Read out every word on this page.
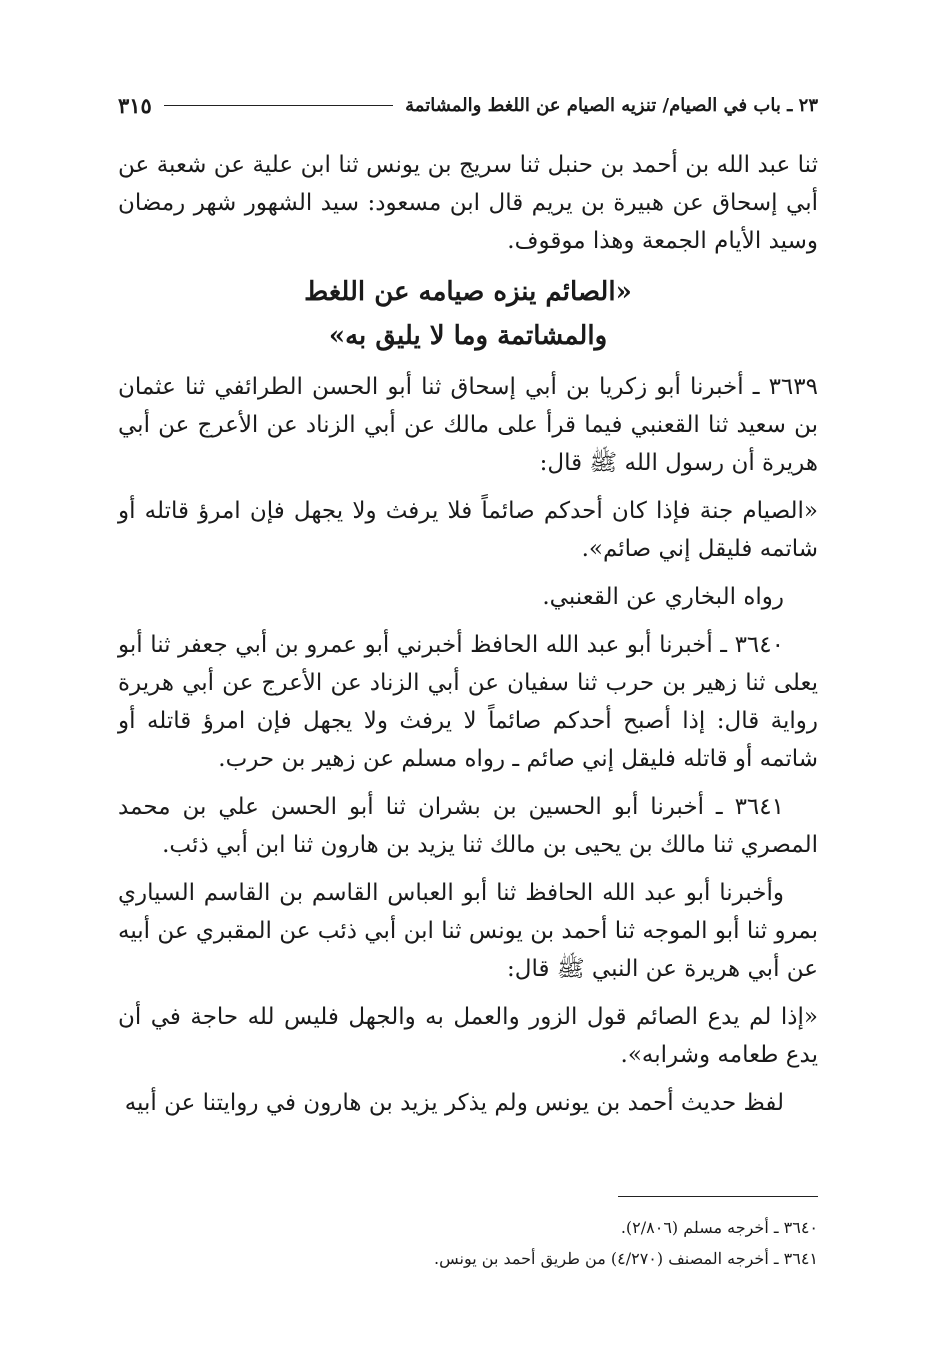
٢٣ ـ باب في الصيام/ تنزيه الصيام عن اللغط والمشاتمة
٣١٥

ثنا عبد الله بن أحمد بن حنبل ثنا سريج بن يونس ثنا ابن علية عن شعبة عن أبي إسحاق عن هبيرة بن يريم قال ابن مسعود: سيد الشهور شهر رمضان وسيد الأيام الجمعة وهذا موقوف.

«الصائم ينزه صيامه عن اللغط
والمشاتمة وما لا يليق به»

٣٦٣٩ ـ أخبرنا أبو زكريا بن أبي إسحاق ثنا أبو الحسن الطرائفي ثنا عثمان بن سعيد ثنا القعنبي فيما قرأ على مالك عن أبي الزناد عن الأعرج عن أبي هريرة أن رسول الله ﷺ قال:

«الصيام جنة فإذا كان أحدكم صائماً فلا يرفث ولا يجهل فإن امرؤ قاتله أو شاتمه فليقل إني صائم».

رواه البخاري عن القعنبي.

٣٦٤٠ ـ أخبرنا أبو عبد الله الحافظ أخبرني أبو عمرو بن أبي جعفر ثنا أبو يعلى ثنا زهير بن حرب ثنا سفيان عن أبي الزناد عن الأعرج عن أبي هريرة رواية قال: إذا أصبح أحدكم صائماً لا يرفث ولا يجهل فإن امرؤ قاتله أو شاتمه أو قاتله فليقل إني صائم ـ رواه مسلم عن زهير بن حرب.

٣٦٤١ ـ أخبرنا أبو الحسين بن بشران ثنا أبو الحسن علي بن محمد المصري ثنا مالك بن يحيى بن مالك ثنا يزيد بن هارون ثنا ابن أبي ذئب.

وأخبرنا أبو عبد الله الحافظ ثنا أبو العباس القاسم بن القاسم السياري بمرو ثنا أبو الموجه ثنا أحمد بن يونس ثنا ابن أبي ذئب عن المقبري عن أبيه عن أبي هريرة عن النبي ﷺ قال:

«إذا لم يدع الصائم قول الزور والعمل به والجهل فليس لله حاجة في أن يدع طعامه وشرابه».

لفظ حديث أحمد بن يونس ولم يذكر يزيد بن هارون في روايتنا عن أبيه

٣٦٤٠ ـ أخرجه مسلم (٢/٨٠٦).
٣٦٤١ ـ أخرجه المصنف (٤/٢٧٠) من طريق أحمد بن يونس.
